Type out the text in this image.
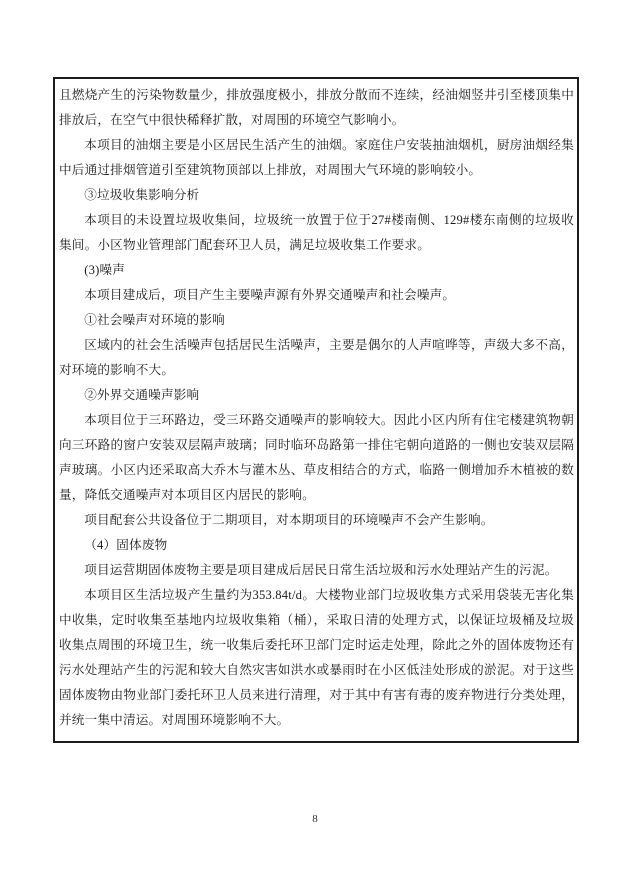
且燃烧产生的污染物数量少，排放强度极小，排放分散而不连续，经油烟竖井引至楼顶集中排放后，在空气中很快稀释扩散，对周围的环境空气影响小。

本项目的油烟主要是小区居民生活产生的油烟。家庭住户安装抽油烟机，厨房油烟经集中后通过排烟管道引至建筑物顶部以上排放，对周围大气环境的影响较小。

③垃圾收集影响分析

本项目的未设置垃圾收集间，垃圾统一放置于位于27#楼南侧、129#楼东南侧的垃圾收集间。小区物业管理部门配套环卫人员，满足垃圾收集工作要求。

(3)噪声

本项目建成后，项目产生主要噪声源有外界交通噪声和社会噪声。

①社会噪声对环境的影响

区域内的社会生活噪声包括居民生活噪声，主要是偶尔的人声喧哗等，声级大多不高，对环境的影响不大。

②外界交通噪声影响

本项目位于三环路边，受三环路交通噪声的影响较大。因此小区内所有住宅楼建筑物朝向三环路的窗户安装双层隔声玻璃；同时临环岛路第一排住宅朝向道路的一侧也安装双层隔声玻璃。小区内还采取高大乔木与灌木丛、草皮相结合的方式，临路一侧增加乔木植被的数量，降低交通噪声对本项目区内居民的影响。

项目配套公共设备位于二期项目，对本期项目的环境噪声不会产生影响。

（4）固体废物

项目运营期固体废物主要是项目建成后居民日常生活垃圾和污水处理站产生的污泥。

本项目区生活垃圾产生量约为353.84t/d。大楼物业部门垃圾收集方式采用袋装无害化集中收集，定时收集至基地内垃圾收集箱（桶），采取日清的处理方式，以保证垃圾桶及垃圾收集点周围的环境卫生，统一收集后委托环卫部门定时运走处理，除此之外的固体废物还有污水处理站产生的污泥和较大自然灾害如洪水或暴雨时在小区低洼处形成的淤泥。对于这些固体废物由物业部门委托环卫人员来进行清理，对于其中有害有毒的废弃物进行分类处理，并统一集中清运。对周围环境影响不大。

8
